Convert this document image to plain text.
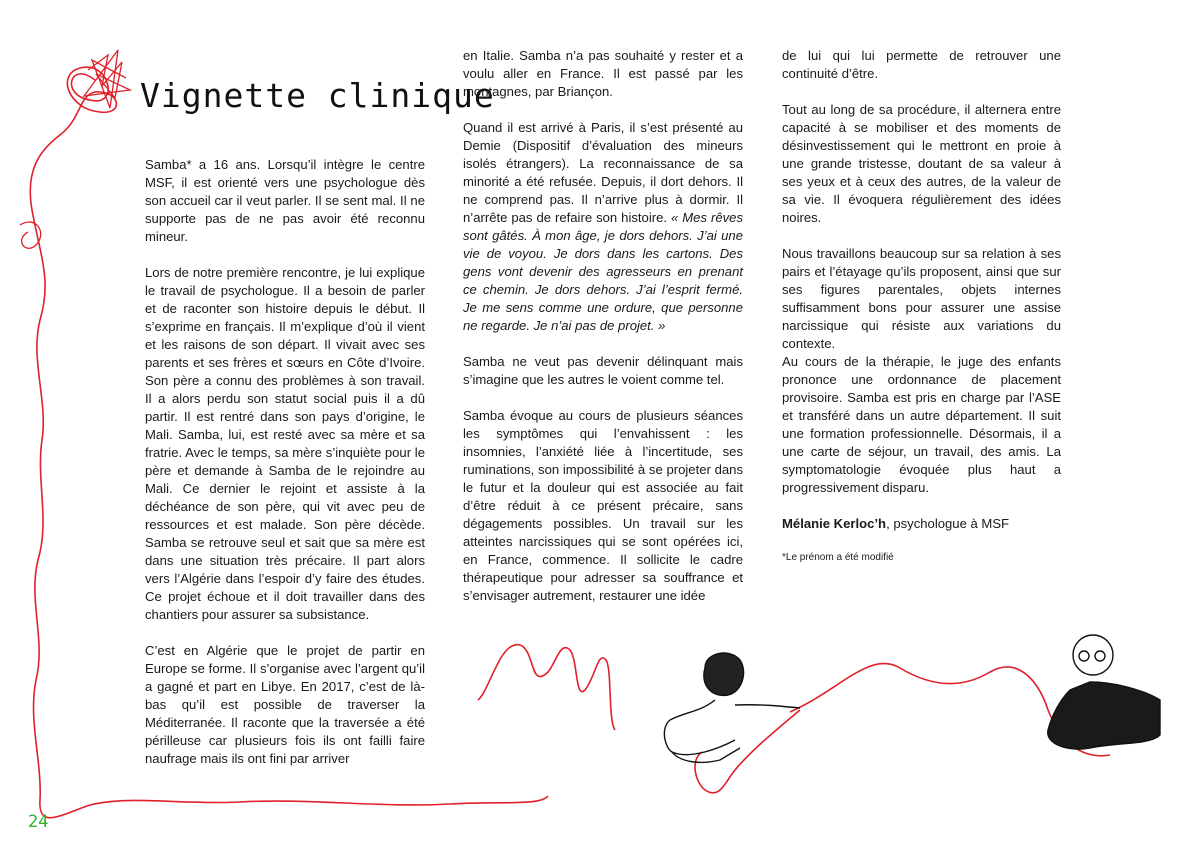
Vignette clinique

Samba* a 16 ans. Lorsqu’il intègre le centre MSF, il est orienté vers une psychologue dès son accueil car il veut parler. Il se sent mal. Il ne supporte pas de ne pas avoir été reconnu mineur.

Lors de notre première rencontre, je lui explique le travail de psychologue. Il a besoin de parler et de raconter son histoire depuis le début. Il s’exprime en français. Il m’explique d’où il vient et les raisons de son départ. Il vivait avec ses parents et ses frères et sœurs en Côte d’Ivoire. Son père a connu des problèmes à son travail. Il a alors perdu son statut social puis il a dû partir. Il est rentré dans son pays d’origine, le Mali. Samba, lui, est resté avec sa mère et sa fratrie. Avec le temps, sa mère s’inquiète pour le père et demande à Samba de le rejoindre au Mali. Ce dernier le rejoint et assiste à la déchéance de son père, qui vit avec peu de ressources et est malade. Son père décède. Samba se retrouve seul et sait que sa mère est dans une situation très précaire. Il part alors vers l’Algérie dans l’espoir d’y faire des études. Ce projet échoue et il doit travailler dans des chantiers pour assurer sa subsistance.

C’est en Algérie que le projet de partir en Europe se forme. Il s’organise avec l’argent qu’il a gagné et part en Libye. En 2017, c’est de là-bas qu’il est possible de traverser la Méditerranée. Il raconte que la traversée a été périlleuse car plusieurs fois ils ont failli faire naufrage mais ils ont fini par arriver

en Italie. Samba n’a pas souhaité y rester et a voulu aller en France. Il est passé par les montagnes, par Briançon.

Quand il est arrivé à Paris, il s’est présenté au Demie (Dispositif d’évaluation des mineurs isolés étrangers). La reconnaissance de sa minorité a été refusée. Depuis, il dort dehors. Il ne comprend pas. Il n’arrive plus à dormir. Il n’arrête pas de refaire son histoire. « Mes rêves sont gâtés. À mon âge, je dors dehors. J’ai une vie de voyou. Je dors dans les cartons. Des gens vont devenir des agresseurs en prenant ce chemin. Je dors dehors. J’ai l’esprit fermé. Je me sens comme une ordure, que personne ne regarde. Je n’ai pas de projet. »

Samba ne veut pas devenir délinquant mais s’imagine que les autres le voient comme tel.

Samba évoque au cours de plusieurs séances les symptômes qui l’envahissent : les insomnies, l’anxiété liée à l’incertitude, ses ruminations, son impossibilité à se projeter dans le futur et la douleur qui est associée au fait d’être réduit à ce présent précaire, sans dégagements possibles. Un travail sur les atteintes narcissiques qui se sont opérées ici, en France, commence. Il sollicite le cadre thérapeutique pour adresser sa souffrance et s’envisager autrement, restaurer une idée

de lui qui lui permette de retrouver une continuité d’être.

Tout au long de sa procédure, il alternera entre capacité à se mobiliser et des moments de désinvestissement qui le mettront en proie à une grande tristesse, doutant de sa valeur à ses yeux et à ceux des autres, de la valeur de sa vie. Il évoquera régulièrement des idées noires.

Nous travaillons beaucoup sur sa relation à ses pairs et l’étayage qu’ils proposent, ainsi que sur ses figures parentales, objets internes suffisamment bons pour assurer une assise narcissique qui résiste aux variations du contexte.

Au cours de la thérapie, le juge des enfants prononce une ordonnance de placement provisoire. Samba est pris en charge par l’ASE et transféré dans un autre département. Il suit une formation professionnelle. Désormais, il a une carte de séjour, un travail, des amis. La symptomatologie évoquée plus haut a progressivement disparu.

Mélanie Kerloc’h, psychologue à MSF

*Le prénom a été modifié

24
